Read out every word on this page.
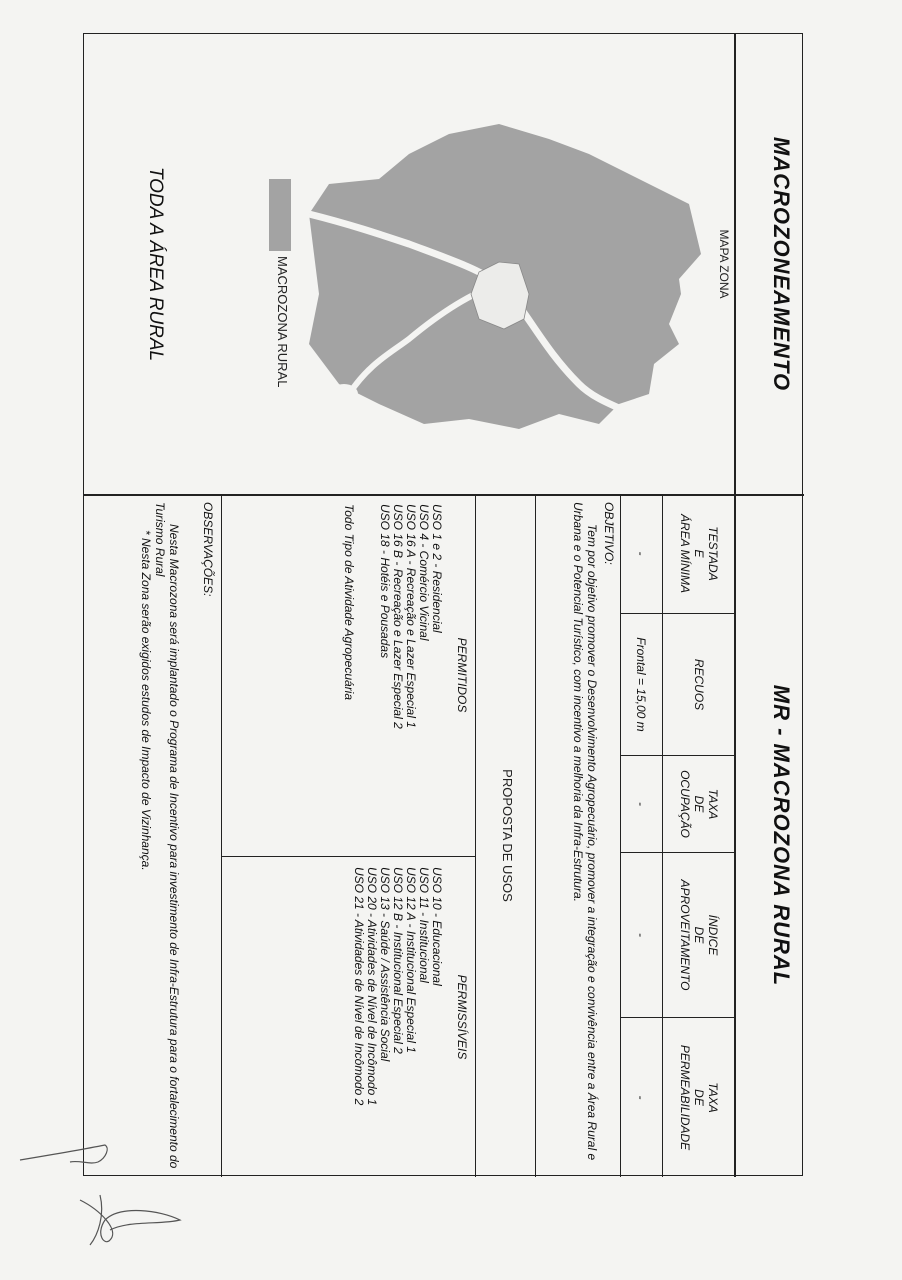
MACROZONEAMENTO
MR - MACROZONA RURAL
MAPA ZONA
MACROZONA RURAL
TODA A ÁREA RURAL
TESTADA
E
ÁREA MÍNIMA
RECUOS
TAXA
DE
OCUPAÇÃO
ÍNDICE
DE
APROVEITAMENTO
TAXA
DE
PERMEABILIDADE
-
Frontal = 15,00 m
-
-
-
OBJETIVO:
Tem por objetivo promover o Desenvolvimento Agropecuário, promover a integração e convivência entre a Área Rural e Urbana e o Potencial Turístico, com incentivo a melhoria da Infra-Estrutura.
PROPOSTA DE USOS
PERMITIDOS
USO 1 e 2 - Residencial
USO 4 - Comércio Vicinal
USO 16 A - Recreação e Lazer Especial 1
USO 16 B - Recreação e Lazer Especial 2
USO 18 - Hotéis e Pousadas
Todo Tipo de Atividade Agropecuária
PERMISSÍVEIS
USO 10 - Educacional
USO 11 - Institucional
USO 12 A - Institucional Especial 1
USO 12 B - Institucional Especial 2
USO 13 - Saúde / Assistência Social
USO 20 - Atividades de Nível de Incômodo 1
USO 21 - Atividades de Nível de Incômodo 2
OBSERVAÇÕES:
Nesta Macrozona será implantado o Programa de Incentivo para investimento de Infra-Estrutura para o fortalecimento do Turismo Rural
* Nesta Zona serão exigidos estudos de Impacto de Vizinhança.
